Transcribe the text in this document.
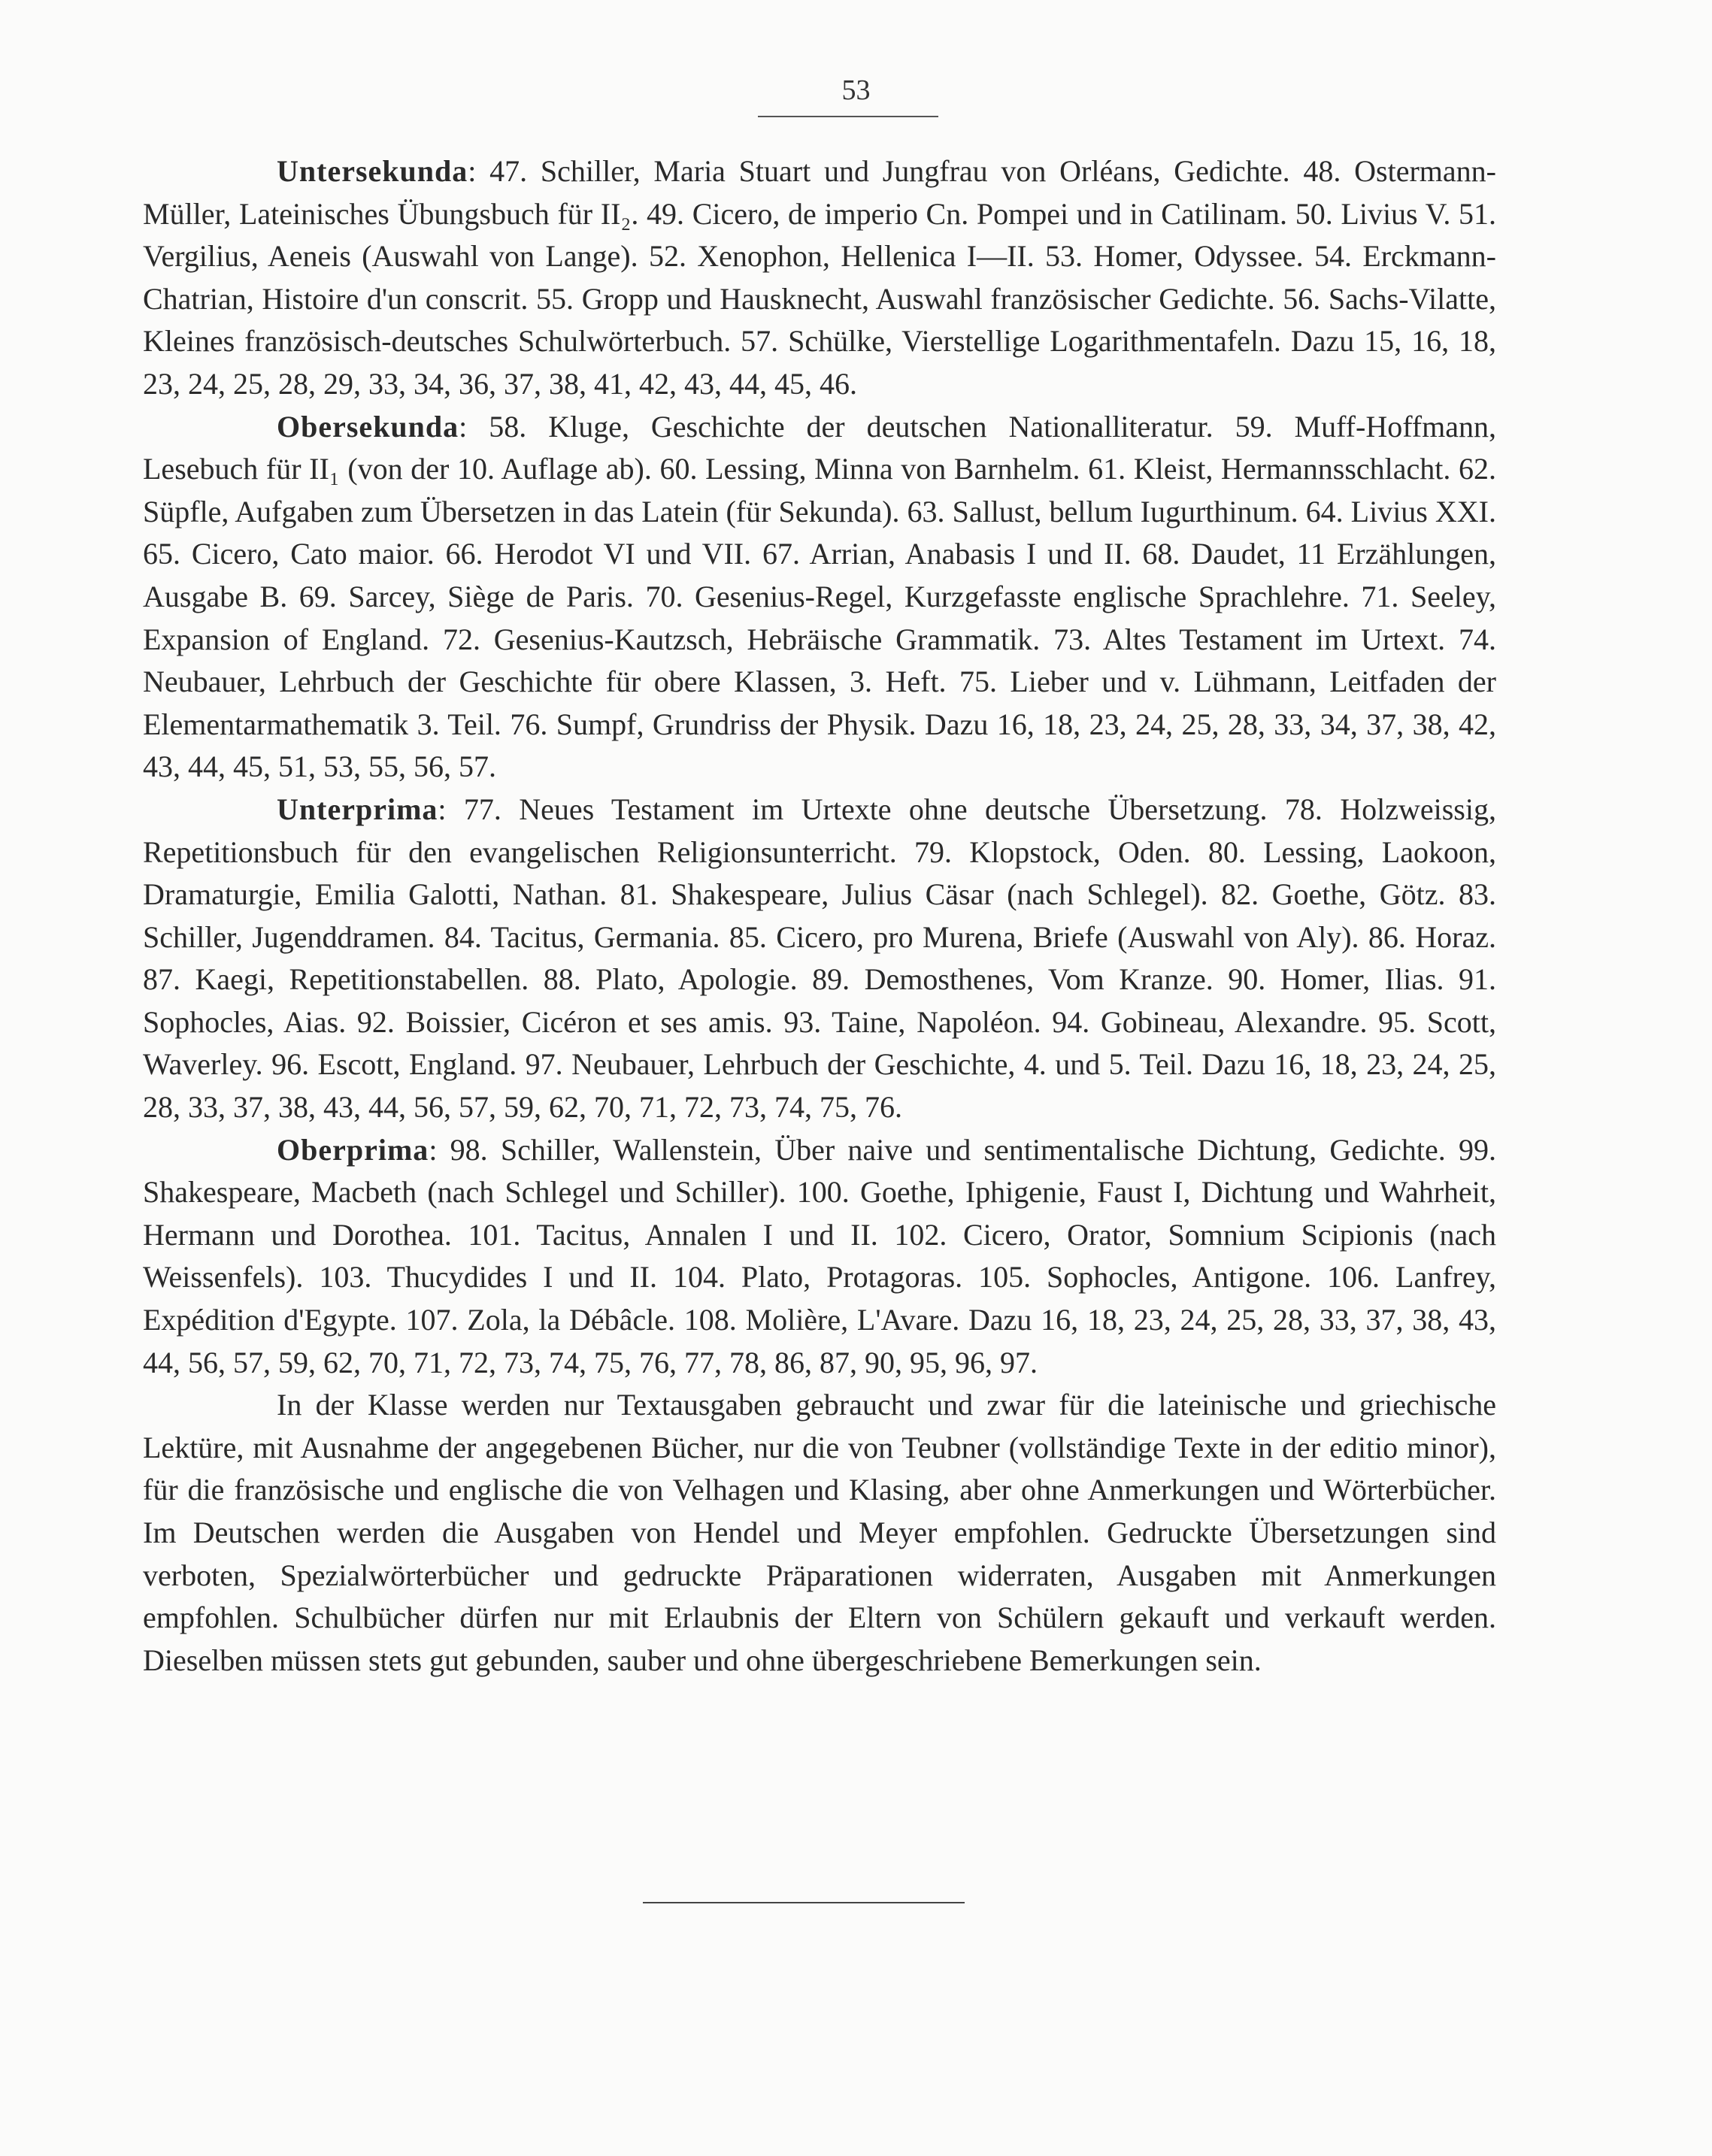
53

Untersekunda: 47. Schiller, Maria Stuart und Jungfrau von Orléans, Gedichte. 48. Ostermann-Müller, Lateinisches Übungsbuch für II₂. 49. Cicero, de imperio Cn. Pompei und in Catilinam. 50. Livius V. 51. Vergilius, Aeneis (Auswahl von Lange). 52. Xenophon, Hellenica I—II. 53. Homer, Odyssee. 54. Erckmann-Chatrian, Histoire d'un conscrit. 55. Gropp und Hausknecht, Auswahl französischer Gedichte. 56. Sachs-Vilatte, Kleines französisch-deutsches Schulwörterbuch. 57. Schülke, Vierstellige Logarithmentafeln. Dazu 15, 16, 18, 23, 24, 25, 28, 29, 33, 34, 36, 37, 38, 41, 42, 43, 44, 45, 46.

Obersekunda: 58. Kluge, Geschichte der deutschen Nationalliteratur. 59. Muff-Hoffmann, Lesebuch für II₁ (von der 10. Auflage ab). 60. Lessing, Minna von Barnhelm. 61. Kleist, Hermannsschlacht. 62. Süpfle, Aufgaben zum Übersetzen in das Latein (für Sekunda). 63. Sallust, bellum Iugurthinum. 64. Livius XXI. 65. Cicero, Cato maior. 66. Herodot VI und VII. 67. Arrian, Anabasis I und II. 68. Daudet, 11 Erzählungen, Ausgabe B. 69. Sarcey, Siège de Paris. 70. Gesenius-Regel, Kurzgefasste englische Sprachlehre. 71. Seeley, Expansion of England. 72. Gesenius-Kautzsch, Hebräische Grammatik. 73. Altes Testament im Urtext. 74. Neubauer, Lehrbuch der Geschichte für obere Klassen, 3. Heft. 75. Lieber und v. Lühmann, Leitfaden der Elementarmathematik 3. Teil. 76. Sumpf, Grundriss der Physik. Dazu 16, 18, 23, 24, 25, 28, 33, 34, 37, 38, 42, 43, 44, 45, 51, 53, 55, 56, 57.

Unterprima: 77. Neues Testament im Urtexte ohne deutsche Übersetzung. 78. Holzweissig, Repetitionsbuch für den evangelischen Religionsunterricht. 79. Klopstock, Oden. 80. Lessing, Laokoon, Dramaturgie, Emilia Galotti, Nathan. 81. Shakespeare, Julius Cäsar (nach Schlegel). 82. Goethe, Götz. 83. Schiller, Jugenddramen. 84. Tacitus, Germania. 85. Cicero, pro Murena, Briefe (Auswahl von Aly). 86. Horaz. 87. Kaegi, Repetitionstabellen. 88. Plato, Apologie. 89. Demosthenes, Vom Kranze. 90. Homer, Ilias. 91. Sophocles, Aias. 92. Boissier, Cicéron et ses amis. 93. Taine, Napoléon. 94. Gobineau, Alexandre. 95. Scott, Waverley. 96. Escott, England. 97. Neubauer, Lehrbuch der Geschichte, 4. und 5. Teil. Dazu 16, 18, 23, 24, 25, 28, 33, 37, 38, 43, 44, 56, 57, 59, 62, 70, 71, 72, 73, 74, 75, 76.

Oberprima: 98. Schiller, Wallenstein, Über naive und sentimentalische Dichtung, Gedichte. 99. Shakespeare, Macbeth (nach Schlegel und Schiller). 100. Goethe, Iphigenie, Faust I, Dichtung und Wahrheit, Hermann und Dorothea. 101. Tacitus, Annalen I und II. 102. Cicero, Orator, Somnium Scipionis (nach Weissenfels). 103. Thucydides I und II. 104. Plato, Protagoras. 105. Sophocles, Antigone. 106. Lanfrey, Expédition d'Egypte. 107. Zola, la Débâcle. 108. Molière, L'Avare. Dazu 16, 18, 23, 24, 25, 28, 33, 37, 38, 43, 44, 56, 57, 59, 62, 70, 71, 72, 73, 74, 75, 76, 77, 78, 86, 87, 90, 95, 96, 97.

In der Klasse werden nur Textausgaben gebraucht und zwar für die lateinische und griechische Lektüre, mit Ausnahme der angegebenen Bücher, nur die von Teubner (vollständige Texte in der editio minor), für die französische und englische die von Velhagen und Klasing, aber ohne Anmerkungen und Wörterbücher. Im Deutschen werden die Ausgaben von Hendel und Meyer empfohlen. Gedruckte Übersetzungen sind verboten, Spezialwörterbücher und gedruckte Präparationen widerraten, Ausgaben mit Anmerkungen empfohlen. Schulbücher dürfen nur mit Erlaubnis der Eltern von Schülern gekauft und verkauft werden. Dieselben müssen stets gut gebunden, sauber und ohne übergeschriebene Bemerkungen sein.
